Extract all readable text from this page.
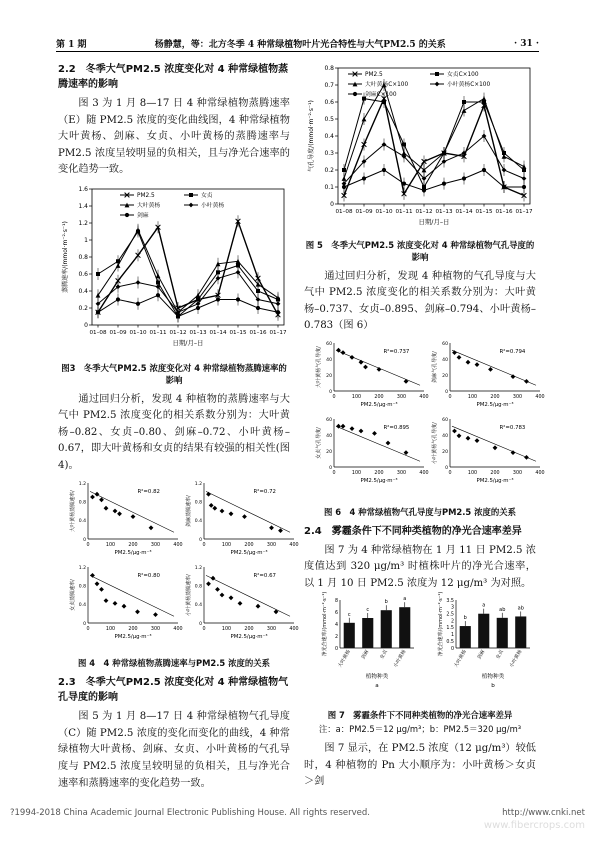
第 1 期	杨静慧，等：北方冬季 4 种常绿植物叶片光合特性与大气PM2.5 的关系	· 31 ·
2.2　冬季大气PM2.5 浓度变化对 4 种常绿植物蒸腾速率的影响
图 3 为 1 月 8—17 日 4 种常绿植物蒸腾速率（E）随 PM2.5 浓度的变化曲线图，4 种常绿植物大叶黄杨、剑麻、女贞、小叶黄杨的蒸腾速率与PM2.5 浓度呈较明显的负相关，且与净光合速率的变化趋势一致。
0
0.2
0.4
0.6
0.8
1
1.2
1.4
1.6
01–08 01–09 01–10 01–11 01–12 01–13 01–14 01–15 01–16 01–17
PM2.5	女贞
大叶黄杨	小叶黄杨
剑麻
蒸腾速率/(mmol·m⁻²·s⁻¹)
日期/月–日
图3　冬季大气PM2.5 浓度变化对 4 种常绿植物蒸腾速率的影响
通过回归分析，发现 4 种植物的蒸腾速率与大气中 PM2.5 浓度变化的相关系数分别为：大叶黄杨–0.82、女贞–0.80、剑麻–0.72、小叶黄杨–0.67，即大叶黄杨和女贞的结果有较强的相关性(图 4)。
0	100	200	300	400
0
0.4
0.8
1.2
R²=0.82
大叶黄杨蒸腾速率/
PM2.5/μg·m⁻³
0	100	200	300	400
0
0.4
0.8
1.2
R²=0.72
剑麻蒸腾速率/
PM2.5/μg·m⁻³
0	100	200	300	400
0
0.4
0.8
1.2
R²=0.80
女贞蒸腾速率/
PM2.5/μg·m⁻³
0	100	200	300	400
0
0.4
0.8
1.2
R²=0.67
小叶黄杨蒸腾速率/
PM2.5/μg·m⁻³
图 4　4 种常绿植物蒸腾速率与PM2.5 浓度的关系
2.3　冬季大气PM2.5 浓度变化对 4 种常绿植物气孔导度的影响
图 5 为 1 月 8—17 日 4 种常绿植物气孔导度（C）随 PM2.5 浓度的变化而变化的曲线，4 种常绿植物大叶黄杨、剑麻、女贞、小叶黄杨的气孔导度与 PM2.5 浓度呈较明显的负相关，且与净光合速率和蒸腾速率的变化趋势一致。
0
0.1
0.2
0.3
0.4
0.5
0.6
0.7
0.8
01–08 01–09 01–10 01–11 01–12 01–13 01–14 01–15 01–16 01–17
PM2.5	女贞C×100
大叶黄杨C×100	小叶黄杨C×100
剑麻C×100
气孔导度/(mmol·m⁻²·s⁻¹)
日期/月–日
图 5　冬季大气PM2.5 浓度变化对 4 种常绿植物气孔导度的影响
通过回归分析，发现 4 种植物的气孔导度与大气中 PM2.5 浓度变化的相关系数分别为：大叶黄杨–0.737、女贞–0.895、剑麻–0.794、小叶黄杨–0.783（图 6）
0	100	200	300	400
0
20
40
60
R²=0.737
大叶黄杨气孔导度/
PM2.5/μg·m⁻³
0	100	200	300	400
0
20
40
60
R²=0.794
剑麻气孔导度/
PM2.5/μg·m⁻³
0	100	200	300	400
0
20
40
60
R²=0.895
女贞气孔导度/
PM2.5/μg·m⁻³
0	100	200	300	400
0
20
40
60
R²=0.783
小叶黄杨气孔导度/
PM2.5/μg·m⁻³
图 6　4 种常绿植物气孔导度与PM2.5 浓度的关系
2.4　雾霾条件下不同种类植物的净光合速率差异
图 7 为 4 种常绿植物在 1 月 11 日 PM2.5 浓度值达到 320 μg/m³ 时植株叶片的净光合速率，以 1 月 10 日 PM2.5 浓度为 12 μg/m³ 为对照。
0
2
4
6
8
c
大叶黄杨
c
剑麻
b
女贞
a
小叶黄杨
净光合速率/(mmol·m⁻²·s⁻¹)
植物种类
a
0
0.5
1
1.5
2
2.5
3
3.5
b
大叶黄杨
a
剑麻
ab
女贞
ab
小叶黄杨
净光合速率/(mmol·m⁻²·s⁻¹)
植物种类
b
图 7　雾霾条件下不同种类植物的净光合速率差异
注：a：PM2.5＝12 μg/m³；b：PM2.5＝320 μg/m³
图 7 显示，在 PM2.5 浓度（12 μg/m³）较低时，4 种植物的 Pn 大小顺序为：小叶黄杨＞女贞＞剑
?1994-2018 China Academic Journal Electronic Publishing House. All rights reserved.	http://www.cnki.net
www.fibercrops.com
